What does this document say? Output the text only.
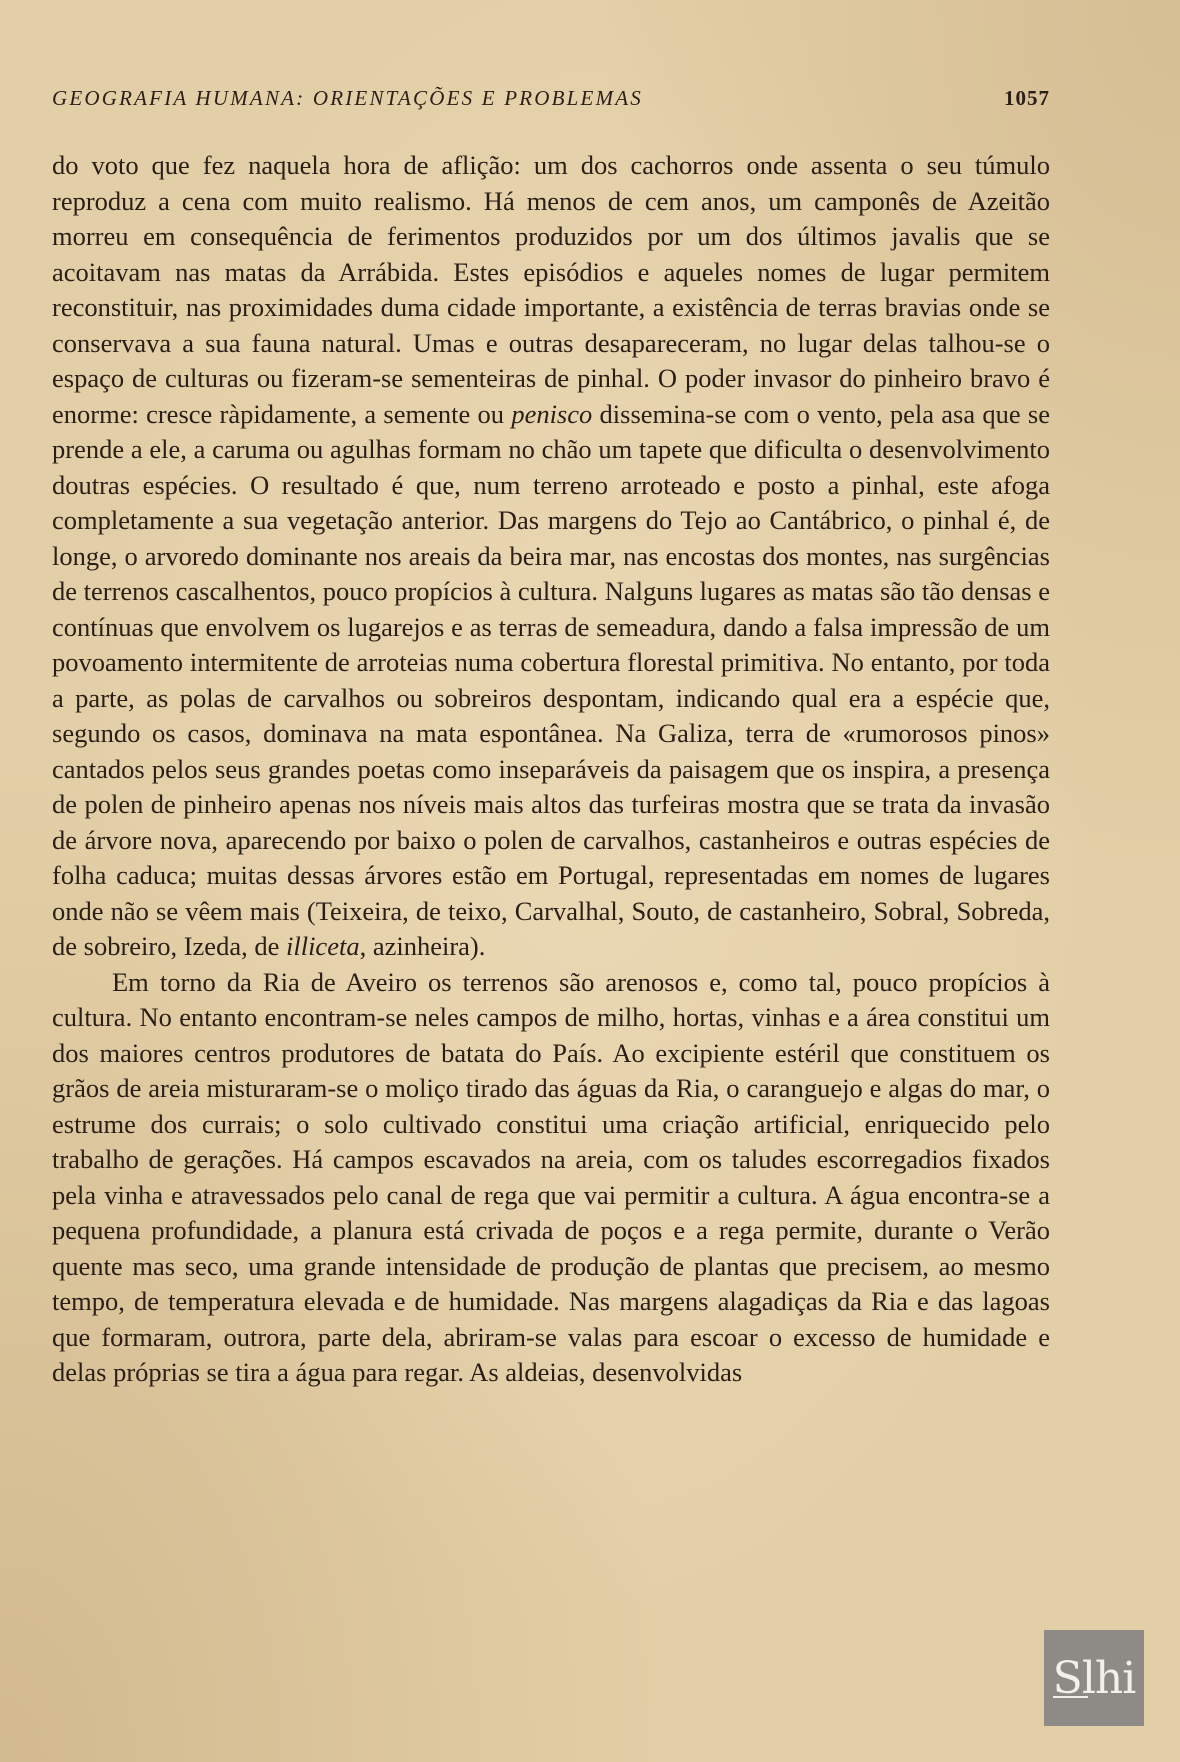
GEOGRAFIA HUMANA: ORIENTAÇÕES E PROBLEMAS	1057

do voto que fez naquela hora de aflição: um dos cachorros onde assenta o seu túmulo reproduz a cena com muito realismo. Há menos de cem anos, um camponês de Azeitão morreu em consequência de ferimentos produzidos por um dos últimos javalis que se acoitavam nas matas da Arrábida. Estes episódios e aqueles nomes de lugar permitem reconstituir, nas proximidades duma cidade importante, a existência de terras bravias onde se conservava a sua fauna natural. Umas e outras desapareceram, no lugar delas talhou-se o espaço de culturas ou fizeram-se sementeiras de pinhal. O poder invasor do pinheiro bravo é enorme: cresce ràpidamente, a semente ou penisco dissemina-se com o vento, pela asa que se prende a ele, a caruma ou agulhas formam no chão um tapete que dificulta o desenvolvimento doutras espécies. O resultado é que, num terreno arroteado e posto a pinhal, este afoga completamente a sua vegetação anterior. Das margens do Tejo ao Cantábrico, o pinhal é, de longe, o arvoredo dominante nos areais da beira mar, nas encostas dos montes, nas surgências de terrenos cascalhentos, pouco propícios à cultura. Nalguns lugares as matas são tão densas e contínuas que envolvem os lugarejos e as terras de semeadura, dando a falsa impressão de um povoamento intermitente de arroteias numa cobertura florestal primitiva. No entanto, por toda a parte, as polas de carvalhos ou sobreiros despontam, indicando qual era a espécie que, segundo os casos, dominava na mata espontânea. Na Galiza, terra de «rumorosos pinos» cantados pelos seus grandes poetas como inseparáveis da paisagem que os inspira, a presença de polen de pinheiro apenas nos níveis mais altos das turfeiras mostra que se trata da invasão de árvore nova, aparecendo por baixo o polen de carvalhos, castanheiros e outras espécies de folha caduca; muitas dessas árvores estão em Portugal, representadas em nomes de lugares onde não se vêem mais (Teixeira, de teixo, Carvalhal, Souto, de castanheiro, Sobral, Sobreda, de sobreiro, Izeda, de illiceta, azinheira).

Em torno da Ria de Aveiro os terrenos são arenosos e, como tal, pouco propícios à cultura. No entanto encontram-se neles campos de milho, hortas, vinhas e a área constitui um dos maiores centros produtores de batata do País. Ao excipiente estéril que constituem os grãos de areia misturaram-se o moliço tirado das águas da Ria, o caranguejo e algas do mar, o estrume dos currais; o solo cultivado constitui uma criação artificial, enriquecido pelo trabalho de gerações. Há campos escavados na areia, com os taludes escorregadios fixados pela vinha e atravessados pelo canal de rega que vai permitir a cultura. A água encontra-se a pequena profundidade, a planura está crivada de poços e a rega permite, durante o Verão quente mas seco, uma grande intensidade de produção de plantas que precisem, ao mesmo tempo, de temperatura elevada e de humidade. Nas margens alagadiças da Ria e das lagoas que formaram, outrora, parte dela, abriram-se valas para escoar o excesso de humidade e delas próprias se tira a água para regar. As aldeias, desenvolvidas

S lhi
